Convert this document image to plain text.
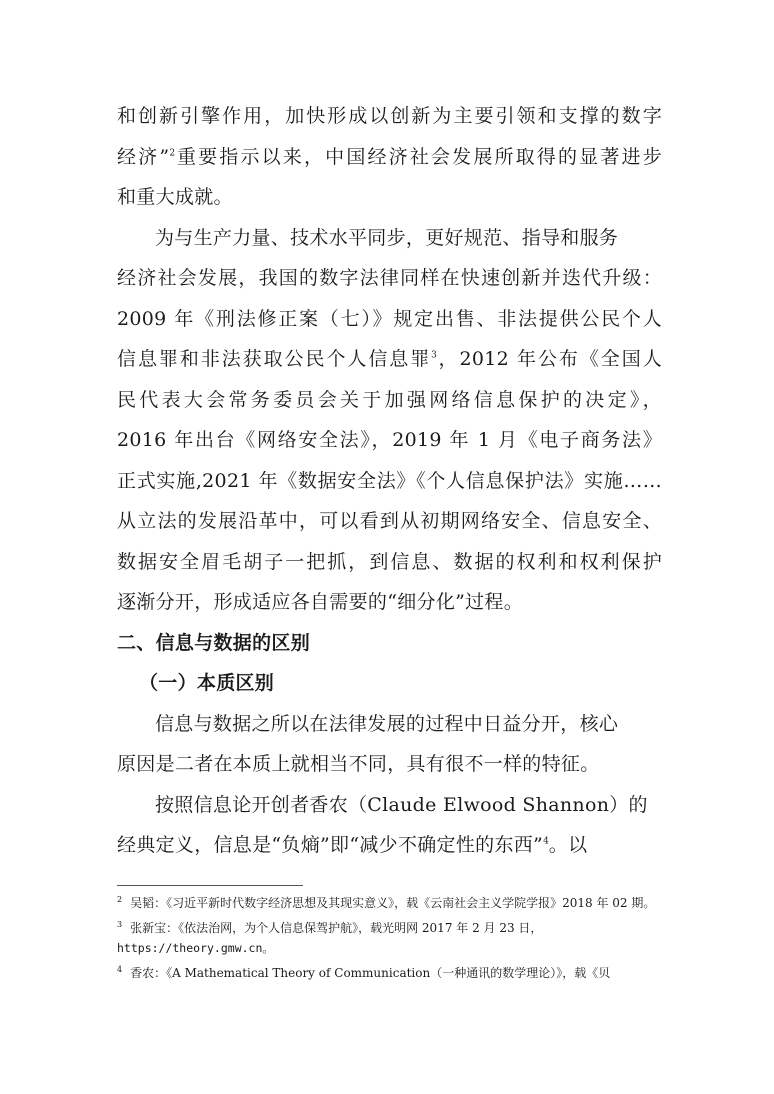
和创新引擎作用，加快形成以创新为主要引领和支撑的数字
经济”$^2$重要指示以来，中国经济社会发展所取得的显著进步
和重大成就。

为与生产力量、技术水平同步，更好规范、指导和服务
经济社会发展，我国的数字法律同样在快速创新并迭代升级：
2009 年《刑法修正案（七）》规定出售、非法提供公民个人
信息罪和非法获取公民个人信息罪$^3$，2012 年公布《全国人
民代表大会常务委员会关于加强网络信息保护的决定》，
2016 年出台《网络安全法》，2019 年 1 月《电子商务法》
正式实施,2021 年《数据安全法》《个人信息保护法》实施……
从立法的发展沿革中，可以看到从初期网络安全、信息安全、
数据安全眉毛胡子一把抓，到信息、数据的权利和权利保护
逐渐分开，形成适应各自需要的“细分化”过程。

二、信息与数据的区别
（一）本质区别

信息与数据之所以在法律发展的过程中日益分开，核心
原因是二者在本质上就相当不同，具有很不一样的特征。

按照信息论开创者香农（Claude Elwood Shannon）的
经典定义，信息是“负熵”即“减少不确定性的东西”$^4$。以

$^2$ 吴韬：《习近平新时代数字经济思想及其现实意义》，载《云南社会主义学院学报》2018 年 02 期。
$^3$ 张新宝：《依法治网，为个人信息保驾护航》，载光明网 2017 年 2 月 23 日，
https://theory.gmw.cn。
$^4$ 香农：《A Mathematical Theory of Communication（一种通讯的数学理论）》，载《贝
